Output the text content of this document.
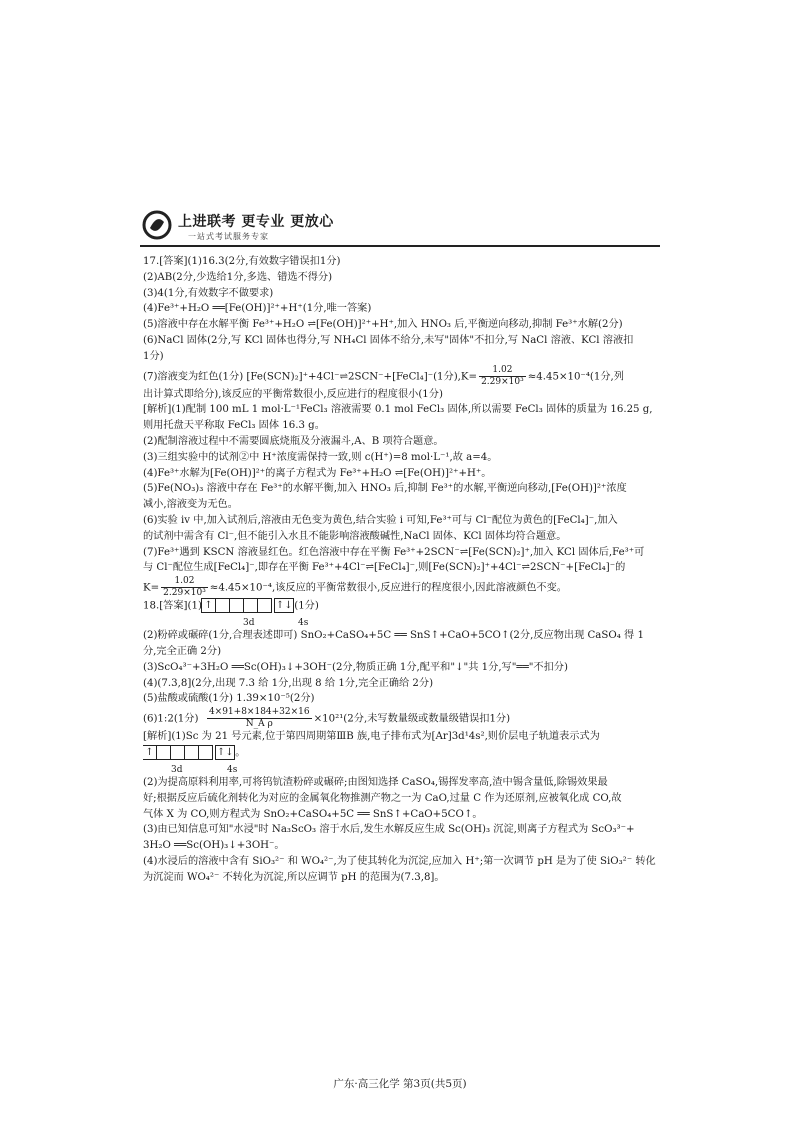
上进联考 更专业 更放心
一站式考试服务专家
17.[答案](1)16.3(2分,有效数字错误扣1分)
(2)AB(2分,少选给1分,多选、错选不得分)
(3)4(1分,有效数字不做要求)
(4)Fe³⁺+H₂O ══[Fe(OH)]²⁺+H⁺(1分,唯一答案)
(5)溶液中存在水解平衡 Fe³⁺+H₂O ⇌[Fe(OH)]²⁺+H⁺,加入 HNO₃ 后,平衡逆向移动,抑制 Fe³⁺水解(2分)
(6)NaCl 固体(2分,写 KCl 固体也得分,写 NH₄Cl 固体不给分,未写"固体"不扣分,写 NaCl 溶液、KCl 溶液扣
1分)
(7)溶液变为红色(1分) [Fe(SCN)₂]⁺+4Cl⁻⇌2SCN⁻+[FeCl₄]⁻(1分)$,K= \frac{1.02}{\text{2.29×10³}} \approx 4.45\times 10^{-4}(1$分,列
出计算式即给分),该反应的平衡常数很小,反应进行的程度很小(1分)
[解析](1)配制 100 mL 1 mol·L⁻¹FeCl₃ 溶液需要 0.1 mol FeCl₃ 固体,所以需要 FeCl₃ 固体的质量为 16.25 g,
则用托盘天平称取 FeCl₃ 固体 16.3 g。
(2)配制溶液过程中不需要圆底烧瓶及分液漏斗,A、B 项符合题意。
(3)三组实验中的试剂②中 H⁺浓度需保持一致,则 c(H⁺)=8 mol·L⁻¹,故 a=4。
(4)Fe³⁺水解为[Fe(OH)]²⁺的离子方程式为 Fe³⁺+H₂O ⇌[Fe(OH)]²⁺+H⁺。
(5)Fe(NO₃)₃ 溶液中存在 Fe³⁺的水解平衡,加入 HNO₃ 后,抑制 Fe³⁺的水解,平衡逆向移动,[Fe(OH)]²⁺浓度
减小,溶液变为无色。
(6)实验 iv 中,加入试剂后,溶液由无色变为黄色,结合实验 i 可知,Fe³⁺可与 Cl⁻配位为黄色的[FeCl₄]⁻,加入
的试剂中需含有 Cl⁻,但不能引入水且不能影响溶液酸碱性,NaCl 固体、KCl 固体均符合题意。
(7)Fe³⁺遇到 KSCN 溶液显红色。红色溶液中存在平衡 Fe³⁺+2SCN⁻⇌[Fe(SCN)₂]⁺,加入 KCl 固体后,Fe³⁺可
与 Cl⁻配位生成[FeCl₄]⁻,即存在平衡 Fe³⁺+4Cl⁻⇌[FeCl₄]⁻,则[Fe(SCN)₂]⁺+4Cl⁻⇌2SCN⁻+[FeCl₄]⁻的
$K= \frac{1.02}{\text{2.29×10³}} \approx 4.45\times 10^{-4}$,该反应的平衡常数很小,反应进行的程度很小,因此溶液颜色不变。
18.[答案](1) ↑	↑↓ (1分)
3d	4s
(2)粉碎或碾碎(1分,合理表述即可) SnO₂+CaSO₄+5C ══ SnS↑+CaO+5CO↑(2分,反应物出现 CaSO₄ 得 1
分,完全正确 2分)
(3)ScO₄³⁻+3H₂O ══Sc(OH)₃↓+3OH⁻(2分,物质正确 1分,配平和"↓"共 1分,写"══"不扣分)
(4)(7.3,8](2分,出现 7.3 给 1分,出现 8 给 1分,完全正确给 2分)
(5)盐酸或硫酸(1分) 1.39×10⁻⁵(2分)
(6)1:2(1分) $\frac{4\times 91+8\times 184+32\times 16}{\text{N\_A ρ}} \times 10^{21}(2$分,未写数量级或数量级错误扣1分)
[解析](1)Sc 为 21 号元素,位于第四周期第ⅢB 族,电子排布式为[Ar]3d¹4s²,则价层电子轨道表示式为
↑	↑↓ 。
3d	4s
(2)为提高原料利用率,可将钨钪渣粉碎或碾碎;由图知选择 CaSO₄,锡挥发率高,渣中锡含量低,除锡效果最
好;根据反应后硫化剂转化为对应的金属氧化物推测产物之一为 CaO,过量 C 作为还原剂,应被氧化成 CO,故
气体 X 为 CO,则方程式为 SnO₂+CaSO₄+5C ══ SnS↑+CaO+5CO↑。
(3)由已知信息可知"水浸"时 Na₃ScO₃ 溶于水后,发生水解反应生成 Sc(OH)₃ 沉淀,则离子方程式为 ScO₃³⁻+
3H₂O ══Sc(OH)₃↓+3OH⁻。
(4)水浸后的溶液中含有 SiO₃²⁻ 和 WO₄²⁻,为了使其转化为沉淀,应加入 H⁺;第一次调节 pH 是为了使 SiO₃²⁻ 转化
为沉淀而 WO₄²⁻ 不转化为沉淀,所以应调节 pH 的范围为(7.3,8]。
广东·高三化学 第3页(共5页)
